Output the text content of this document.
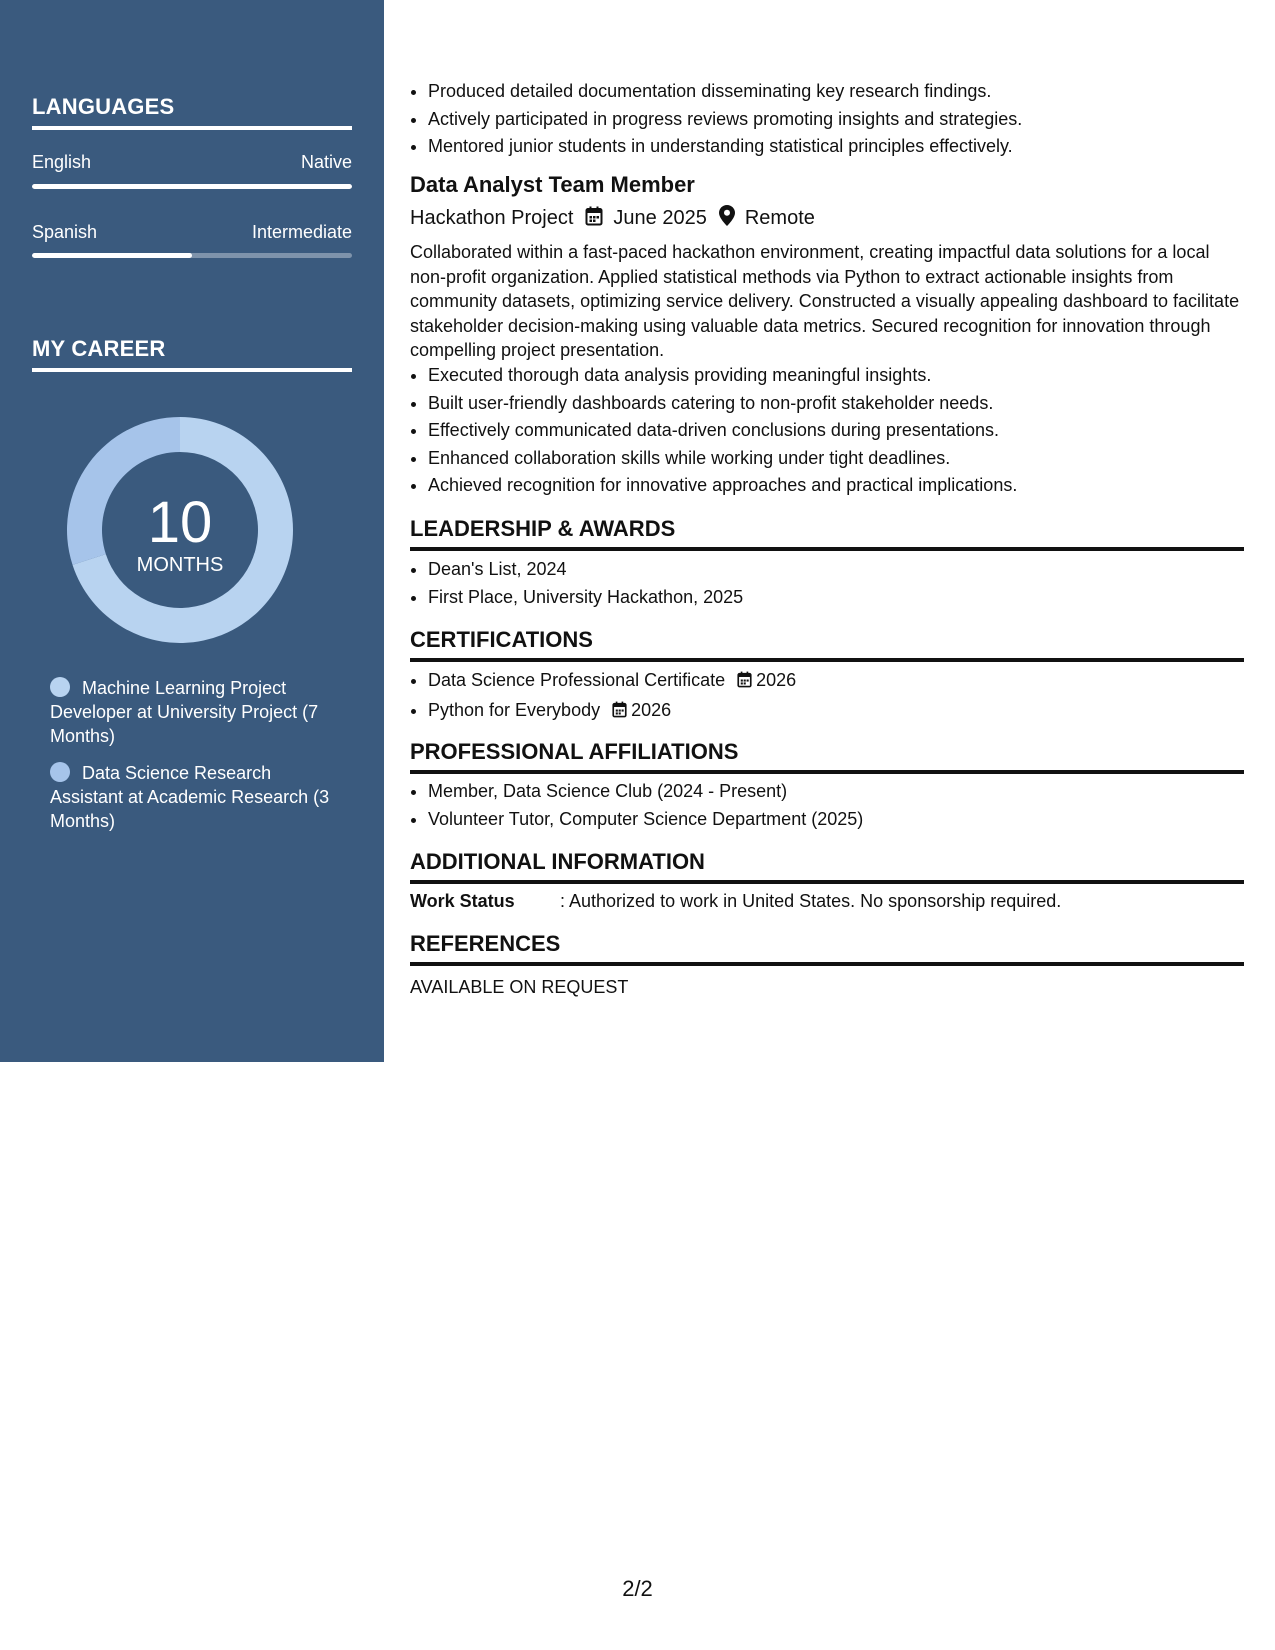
LANGUAGES
English	Native
Spanish	Intermediate
MY CAREER
10
MONTHS
Machine Learning Project Developer at University Project (7 Months)
Data Science Research Assistant at Academic Research (3 Months)
• Produced detailed documentation disseminating key research findings.
• Actively participated in progress reviews promoting insights and strategies.
• Mentored junior students in understanding statistical principles effectively.
Data Analyst Team Member
Hackathon Project June 2025 Remote
Collaborated within a fast-paced hackathon environment, creating impactful data solutions for a local non-profit organization. Applied statistical methods via Python to extract actionable insights from community datasets, optimizing service delivery. Constructed a visually appealing dashboard to facilitate stakeholder decision-making using valuable data metrics. Secured recognition for innovation through compelling project presentation.
• Executed thorough data analysis providing meaningful insights.
• Built user-friendly dashboards catering to non-profit stakeholder needs.
• Effectively communicated data-driven conclusions during presentations.
• Enhanced collaboration skills while working under tight deadlines.
• Achieved recognition for innovative approaches and practical implications.
LEADERSHIP & AWARDS
• Dean's List, 2024
• First Place, University Hackathon, 2025
CERTIFICATIONS
• Data Science Professional Certificate 2026
• Python for Everybody 2026
PROFESSIONAL AFFILIATIONS
• Member, Data Science Club (2024 - Present)
• Volunteer Tutor, Computer Science Department (2025)
ADDITIONAL INFORMATION
Work Status	: Authorized to work in United States. No sponsorship required.
REFERENCES
AVAILABLE ON REQUEST
2/2
